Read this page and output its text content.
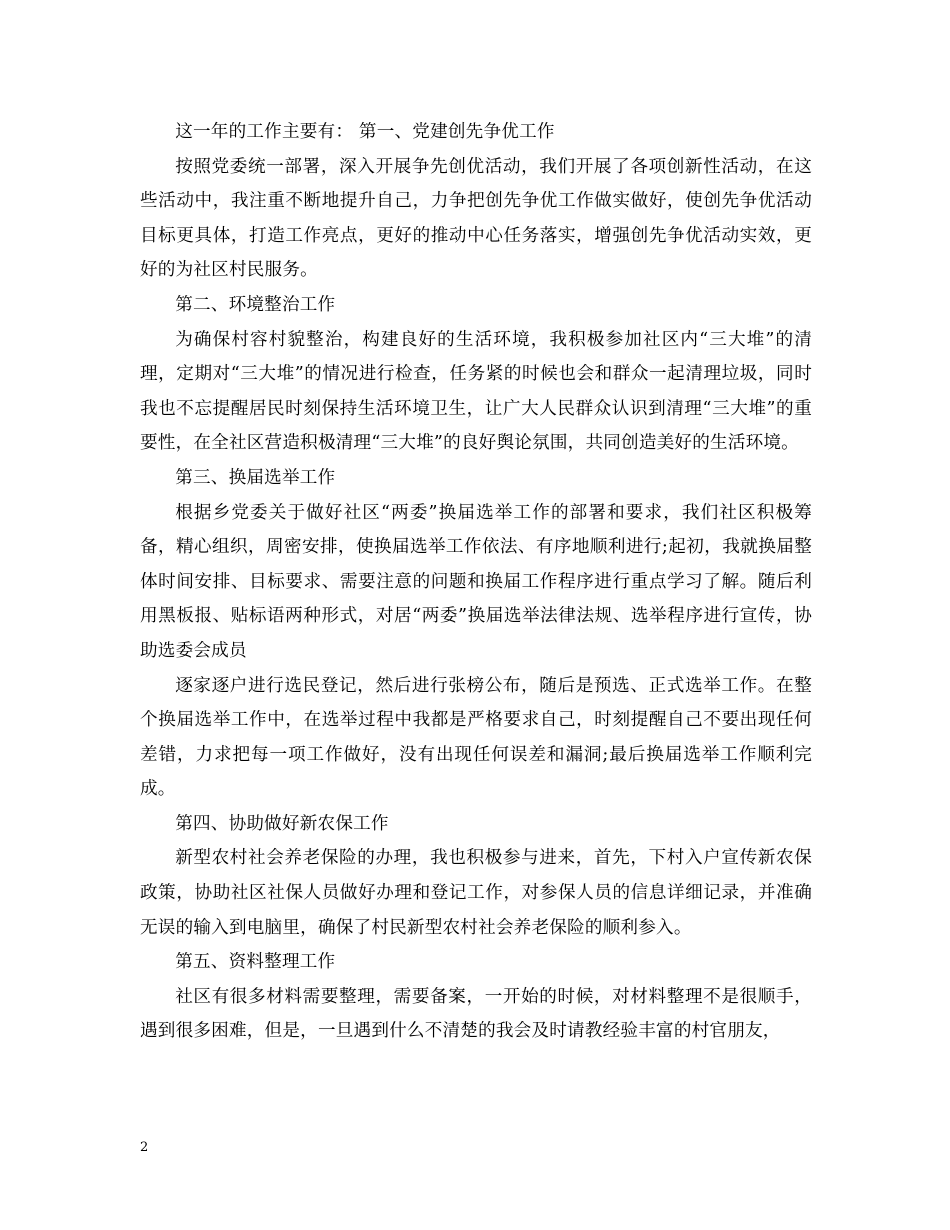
这一年的工作主要有： 第一、党建创先争优工作

按照党委统一部署，深入开展争先创优活动，我们开展了各项创新性活动，在这些活动中，我注重不断地提升自己，力争把创先争优工作做实做好，使创先争优活动目标更具体，打造工作亮点，更好的推动中心任务落实，增强创先争优活动实效，更好的为社区村民服务。

第二、环境整治工作

为确保村容村貌整治，构建良好的生活环境，我积极参加社区内“三大堆”的清理，定期对“三大堆”的情况进行检查，任务紧的时候也会和群众一起清理垃圾，同时我也不忘提醒居民时刻保持生活环境卫生，让广大人民群众认识到清理“三大堆”的重要性，在全社区营造积极清理“三大堆”的良好舆论氛围，共同创造美好的生活环境。

第三、换届选举工作

根据乡党委关于做好社区“两委”换届选举工作的部署和要求，我们社区积极筹备，精心组织，周密安排，使换届选举工作依法、有序地顺利进行;起初，我就换届整体时间安排、目标要求、需要注意的问题和换届工作程序进行重点学习了解。随后利用黑板报、贴标语两种形式，对居“两委”换届选举法律法规、选举程序进行宣传，协助选委会成员

逐家逐户进行选民登记，然后进行张榜公布，随后是预选、正式选举工作。在整个换届选举工作中，在选举过程中我都是严格要求自己，时刻提醒自己不要出现任何差错，力求把每一项工作做好，没有出现任何误差和漏洞;最后换届选举工作顺利完成。

第四、协助做好新农保工作

新型农村社会养老保险的办理，我也积极参与进来，首先，下村入户宣传新农保政策，协助社区社保人员做好办理和登记工作，对参保人员的信息详细记录，并准确无误的输入到电脑里，确保了村民新型农村社会养老保险的顺利参入。

第五、资料整理工作

社区有很多材料需要整理，需要备案，一开始的时候，对材料整理不是很顺手，遇到很多困难，但是，一旦遇到什么不清楚的我会及时请教经验丰富的村官朋友，

2
